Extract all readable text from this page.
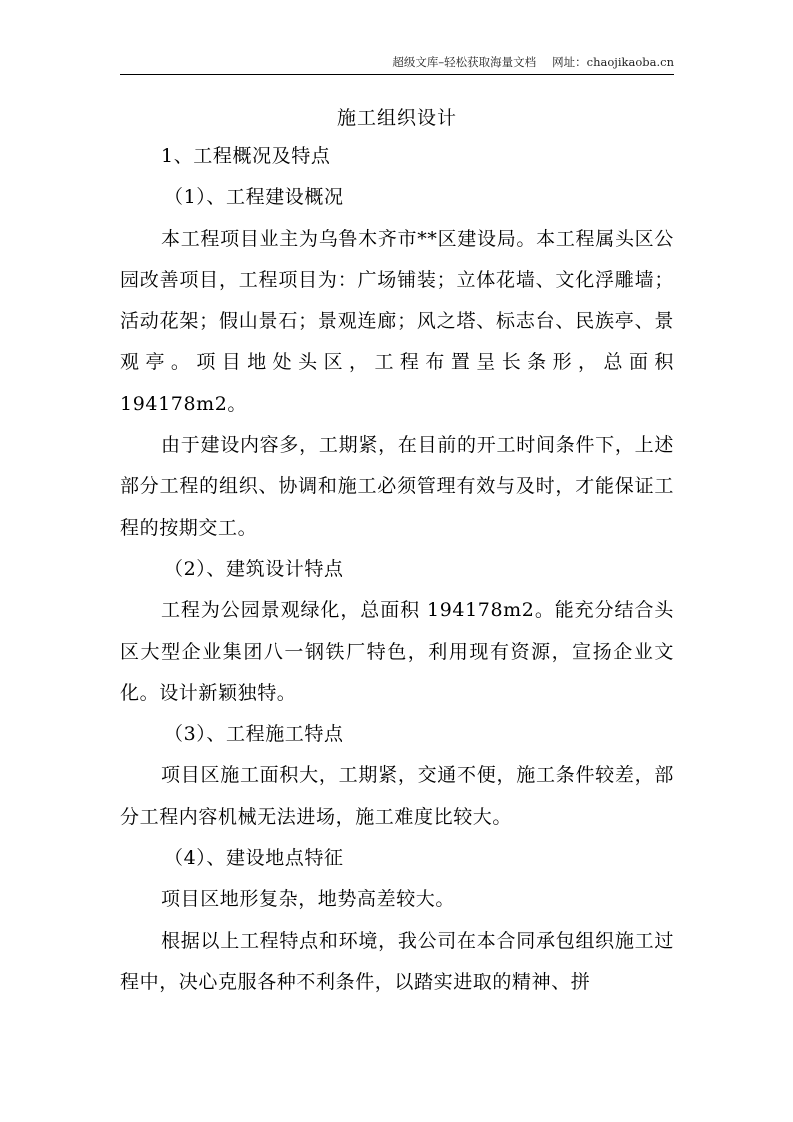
超级文库–轻松获取海量文档 网址：chaojikaoba.cn
施工组织设计

1、工程概况及特点

（1）、工程建设概况

本工程项目业主为乌鲁木齐市**区建设局。本工程属头区公园改善项目，工程项目为：广场铺装；立体花墙、文化浮雕墙；活动花架；假山景石；景观连廊；风之塔、标志台、民族亭、景观亭。项目地处头区，工程布置呈长条形，总面积 194178m2。

由于建设内容多，工期紧，在目前的开工时间条件下，上述部分工程的组织、协调和施工必须管理有效与及时，才能保证工程的按期交工。

（2）、建筑设计特点

工程为公园景观绿化，总面积 194178m2。能充分结合头区大型企业集团八一钢铁厂特色，利用现有资源，宣扬企业文化。设计新颖独特。

（3）、工程施工特点

项目区施工面积大，工期紧，交通不便，施工条件较差，部分工程内容机械无法进场，施工难度比较大。

（4）、建设地点特征

项目区地形复杂，地势高差较大。

根据以上工程特点和环境，我公司在本合同承包组织施工过程中，决心克服各种不利条件，以踏实进取的精神、拼
